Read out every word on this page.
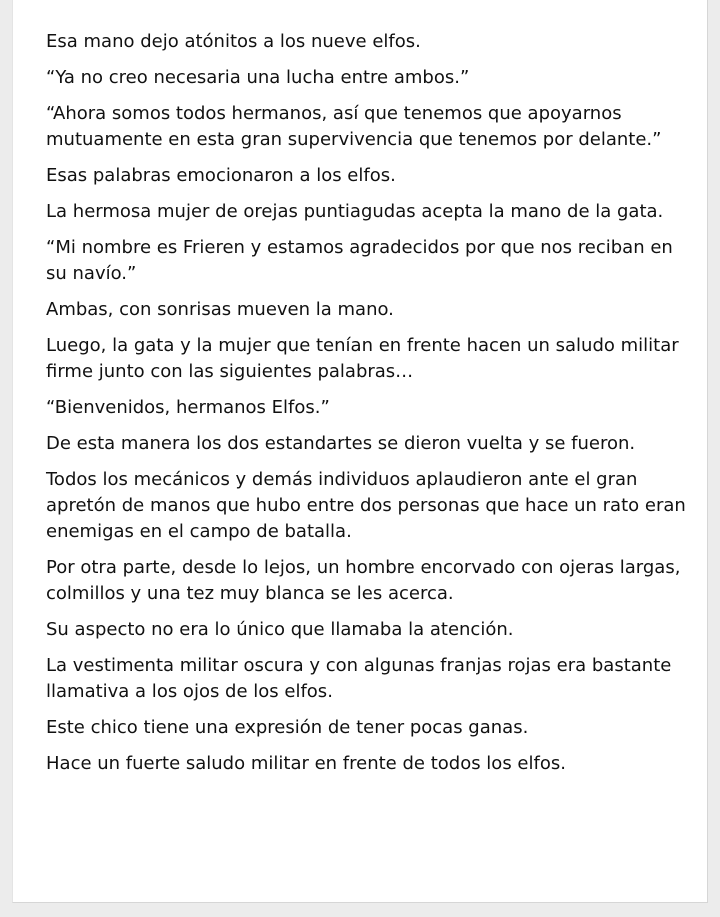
Esa mano dejo atónitos a los nueve elfos.

“Ya no creo necesaria una lucha entre ambos.”

“Ahora somos todos hermanos, así que tenemos que apoyarnos mutuamente en esta gran supervivencia que tenemos por delante.”

Esas palabras emocionaron a los elfos.

La hermosa mujer de orejas puntiagudas acepta la mano de la gata.

“Mi nombre es Frieren y estamos agradecidos por que nos reciban en su navío.”

Ambas, con sonrisas mueven la mano.

Luego, la gata y la mujer que tenían en frente hacen un saludo militar firme junto con las siguientes palabras…

“Bienvenidos, hermanos Elfos.”

De esta manera los dos estandartes se dieron vuelta y se fueron.

Todos los mecánicos y demás individuos aplaudieron ante el gran apretón de manos que hubo entre dos personas que hace un rato eran enemigas en el campo de batalla.

Por otra parte, desde lo lejos, un hombre encorvado con ojeras largas, colmillos y una tez muy blanca se les acerca.

Su aspecto no era lo único que llamaba la atención.

La vestimenta militar oscura y con algunas franjas rojas era bastante llamativa a los ojos de los elfos.

Este chico tiene una expresión de tener pocas ganas.

Hace un fuerte saludo militar en frente de todos los elfos.
